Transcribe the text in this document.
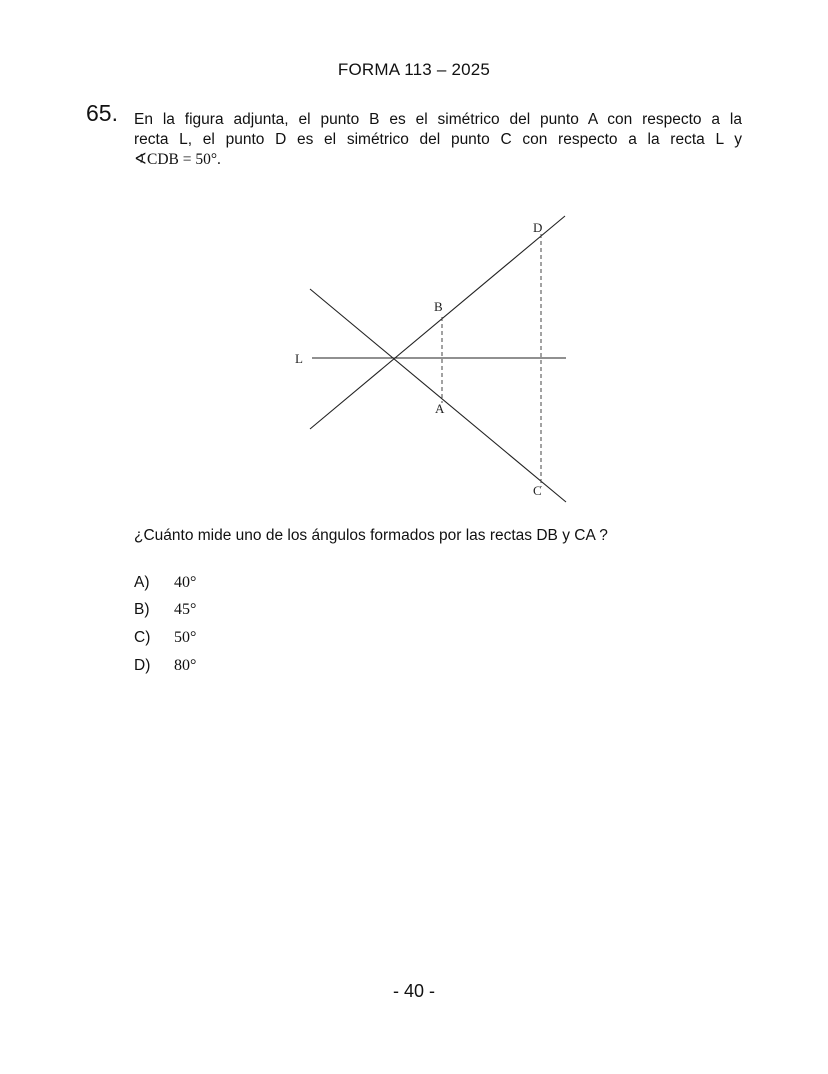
FORMA 113 – 2025
65. En la figura adjunta, el punto B es el simétrico del punto A con respecto a la
recta L, el punto D es el simétrico del punto C con respecto a la recta L y
∢CDB = 50°.
L
B
A
D
C
¿Cuánto mide uno de los ángulos formados por las rectas DB y CA ?
A) 40°
B) 45°
C) 50°
D) 80°
- 40 -
